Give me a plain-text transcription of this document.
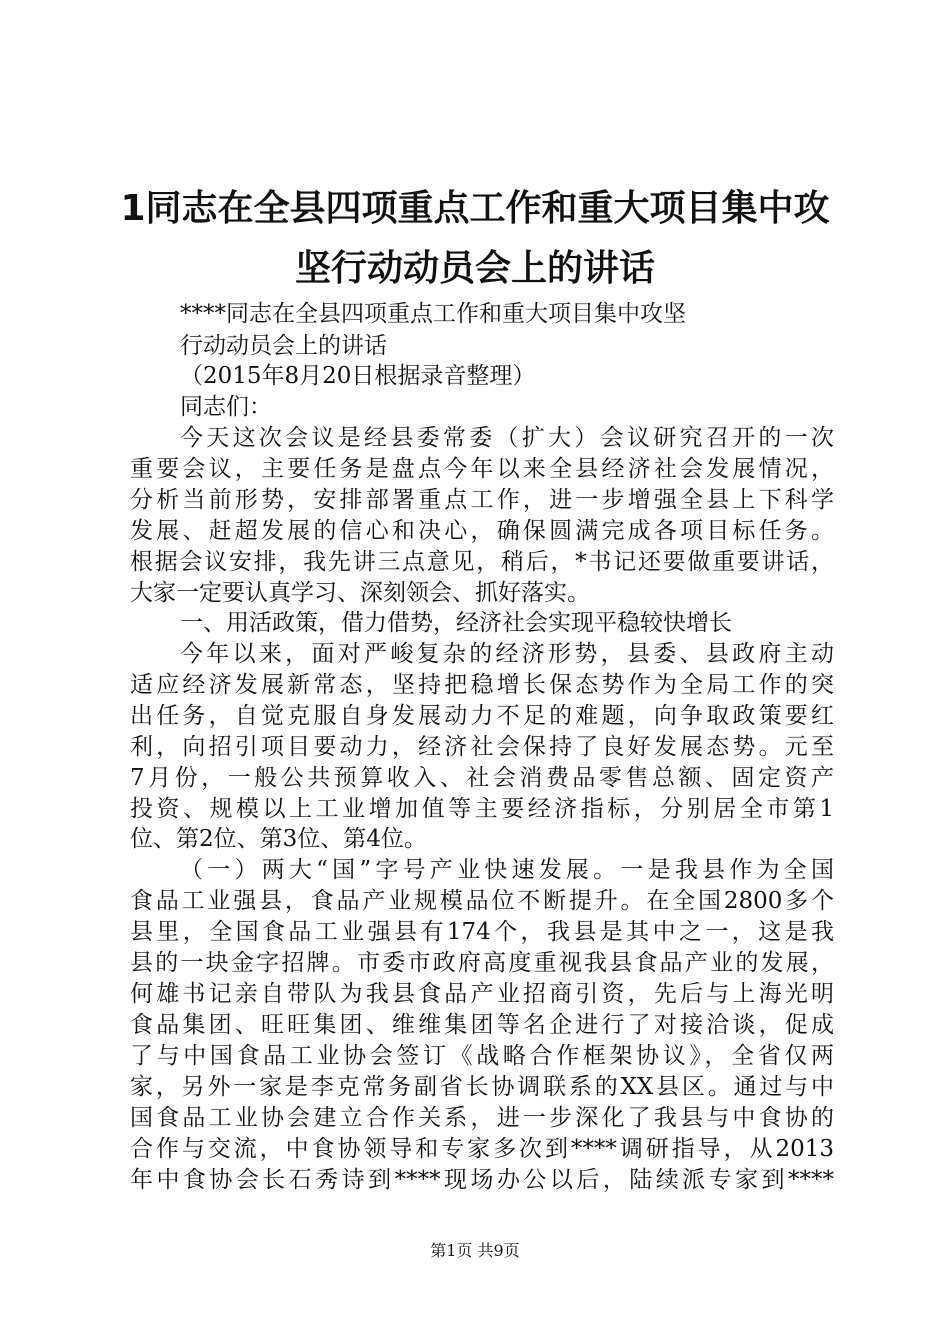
1同志在全县四项重点工作和重大项目集中攻
坚行动动员会上的讲话
****同志在全县四项重点工作和重大项目集中攻坚
行动动员会上的讲话
（2015年8月20日根据录音整理）
同志们：
今天这次会议是经县委常委（扩大）会议研究召开的一次
重要会议，主要任务是盘点今年以来全县经济社会发展情况，
分析当前形势，安排部署重点工作，进一步增强全县上下科学
发展、赶超发展的信心和决心，确保圆满完成各项目标任务。
根据会议安排，我先讲三点意见，稍后，*书记还要做重要讲话，
大家一定要认真学习、深刻领会、抓好落实。
一、用活政策，借力借势，经济社会实现平稳较快增长
今年以来，面对严峻复杂的经济形势，县委、县政府主动
适应经济发展新常态，坚持把稳增长保态势作为全局工作的突
出任务，自觉克服自身发展动力不足的难题，向争取政策要红
利，向招引项目要动力，经济社会保持了良好发展态势。元至
7月份，一般公共预算收入、社会消费品零售总额、固定资产
投资、规模以上工业增加值等主要经济指标，分别居全市第1
位、第2位、第3位、第4位。
（一）两大“国”字号产业快速发展。一是我县作为全国
食品工业强县，食品产业规模品位不断提升。在全国2800多个
县里，全国食品工业强县有174个，我县是其中之一，这是我
县的一块金字招牌。市委市政府高度重视我县食品产业的发展，
何雄书记亲自带队为我县食品产业招商引资，先后与上海光明
食品集团、旺旺集团、维维集团等名企进行了对接洽谈，促成
了与中国食品工业协会签订《战略合作框架协议》，全省仅两
家，另外一家是李克常务副省长协调联系的XX县区。通过与中
国食品工业协会建立合作关系，进一步深化了我县与中食协的
合作与交流，中食协领导和专家多次到****调研指导，从2013
年中食协会长石秀诗到****现场办公以后，陆续派专家到****
第1页 共9页
